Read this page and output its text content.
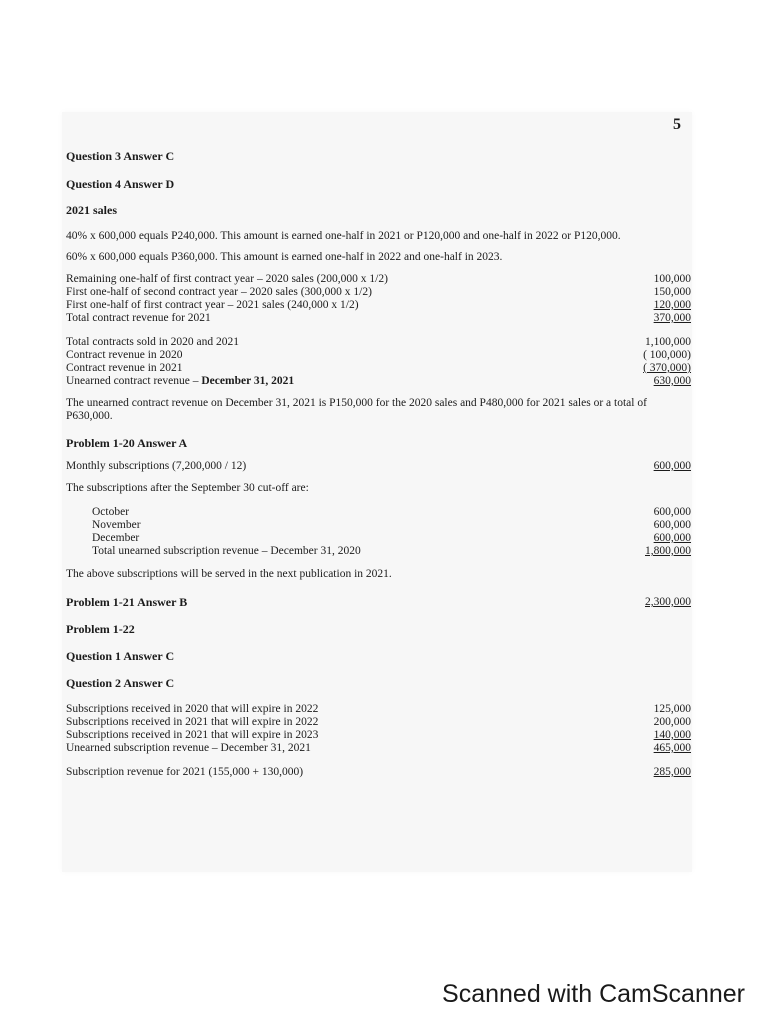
5
Question 3 Answer C
Question 4 Answer D
2021 sales
40% x 600,000 equals P240,000. This amount is earned one-half in 2021 or P120,000 and one-half in 2022 or P120,000.
60% x 600,000 equals P360,000. This amount is earned one-half in 2022 and one-half in 2023.
Remaining one-half of first contract year – 2020 sales (200,000 x 1/2)	100,000
First one-half of second contract year – 2020 sales (300,000 x 1/2)	150,000
First one-half of first contract year – 2021 sales (240,000 x 1/2)	120,000
Total contract revenue for 2021	370,000
Total contracts sold in 2020 and 2021	1,100,000
Contract revenue in 2020	( 100,000)
Contract revenue in 2021	( 370,000)
Unearned contract revenue – December 31, 2021	630,000
The unearned contract revenue on December 31, 2021 is P150,000 for the 2020 sales and P480,000 for 2021 sales or a total of P630,000.
Problem 1-20 Answer A
Monthly subscriptions (7,200,000 / 12)	600,000
The subscriptions after the September 30 cut-off are:
October	600,000
November	600,000
December	600,000
Total unearned subscription revenue – December 31, 2020	1,800,000
The above subscriptions will be served in the next publication in 2021.
Problem 1-21 Answer B	2,300,000
Problem 1-22
Question 1 Answer C
Question 2 Answer C
Subscriptions received in 2020 that will expire in 2022	125,000
Subscriptions received in 2021 that will expire in 2022	200,000
Subscriptions received in 2021 that will expire in 2023	140,000
Unearned subscription revenue – December 31, 2021	465,000
Subscription revenue for 2021 (155,000 + 130,000)	285,000
Scanned with CamScanner
